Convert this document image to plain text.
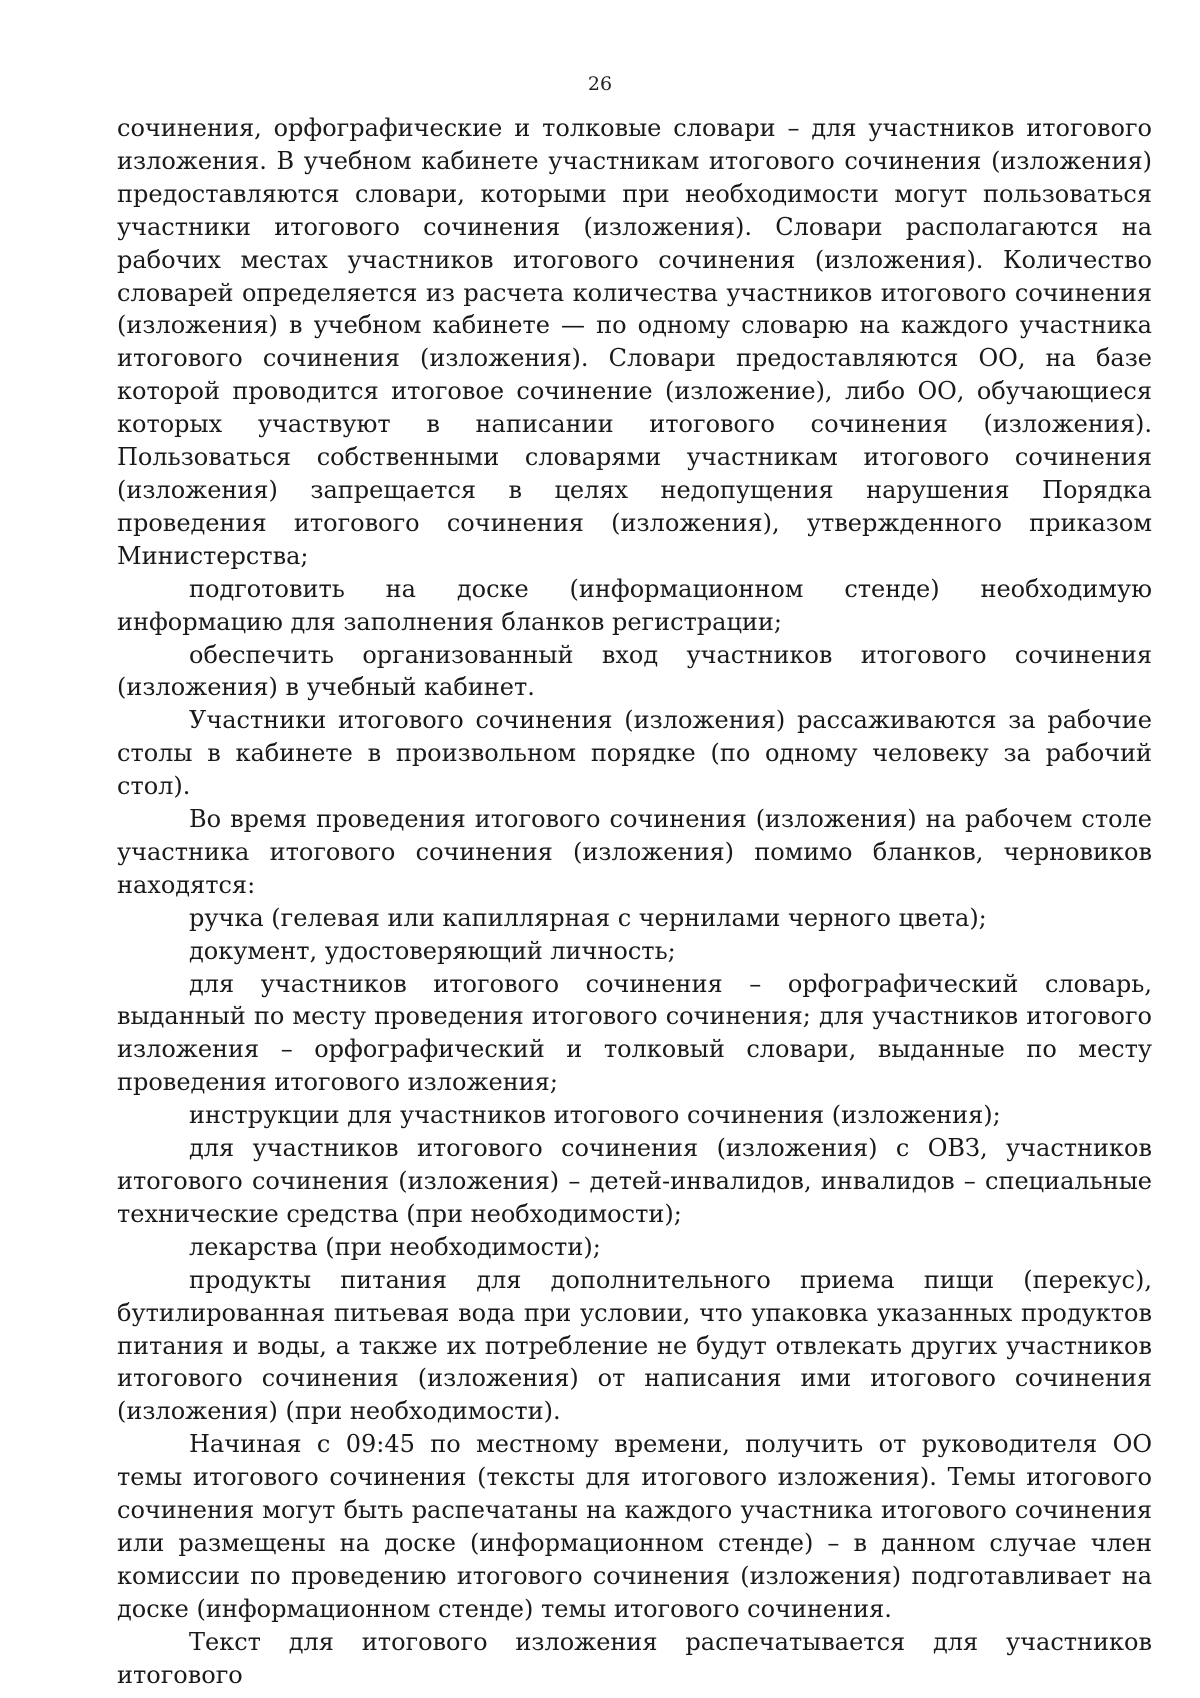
26

сочинения, орфографические и толковые словари – для участников итогового изложения. В учебном кабинете участникам итогового сочинения (изложения) предоставляются словари, которыми при необходимости могут пользоваться участники итогового сочинения (изложения). Словари располагаются на рабочих местах участников итогового сочинения (изложения). Количество словарей определяется из расчета количества участников итогового сочинения (изложения) в учебном кабинете — по одному словарю на каждого участника итогового сочинения (изложения). Словари предоставляются ОО, на базе которой проводится итоговое сочинение (изложение), либо ОО, обучающиеся которых участвуют в написании итогового сочинения (изложения). Пользоваться собственными словарями участникам итогового сочинения (изложения) запрещается в целях недопущения нарушения Порядка проведения итогового сочинения (изложения), утвержденного приказом Министерства;

подготовить на доске (информационном стенде) необходимую информацию для заполнения бланков регистрации;

обеспечить организованный вход участников итогового сочинения (изложения) в учебный кабинет.

Участники итогового сочинения (изложения) рассаживаются за рабочие столы в кабинете в произвольном порядке (по одному человеку за рабочий стол).

Во время проведения итогового сочинения (изложения) на рабочем столе участника итогового сочинения (изложения) помимо бланков, черновиков находятся:

ручка (гелевая или капиллярная с чернилами черного цвета);

документ, удостоверяющий личность;

для участников итогового сочинения – орфографический словарь, выданный по месту проведения итогового сочинения; для участников итогового изложения – орфографический и толковый словари, выданные по месту проведения итогового изложения;

инструкции для участников итогового сочинения (изложения);

для участников итогового сочинения (изложения) с ОВЗ, участников итогового сочинения (изложения) – детей-инвалидов, инвалидов – специальные технические средства (при необходимости);

лекарства (при необходимости);

продукты питания для дополнительного приема пищи (перекус), бутилированная питьевая вода при условии, что упаковка указанных продуктов питания и воды, а также их потребление не будут отвлекать других участников итогового сочинения (изложения) от написания ими итогового сочинения (изложения) (при необходимости).

Начиная с 09:45 по местному времени, получить от руководителя ОО темы итогового сочинения (тексты для итогового изложения). Темы итогового сочинения могут быть распечатаны на каждого участника итогового сочинения или размещены на доске (информационном стенде) – в данном случае член комиссии по проведению итогового сочинения (изложения) подготавливает на доске (информационном стенде) темы итогового сочинения.

Текст для итогового изложения распечатывается для участников итогового
